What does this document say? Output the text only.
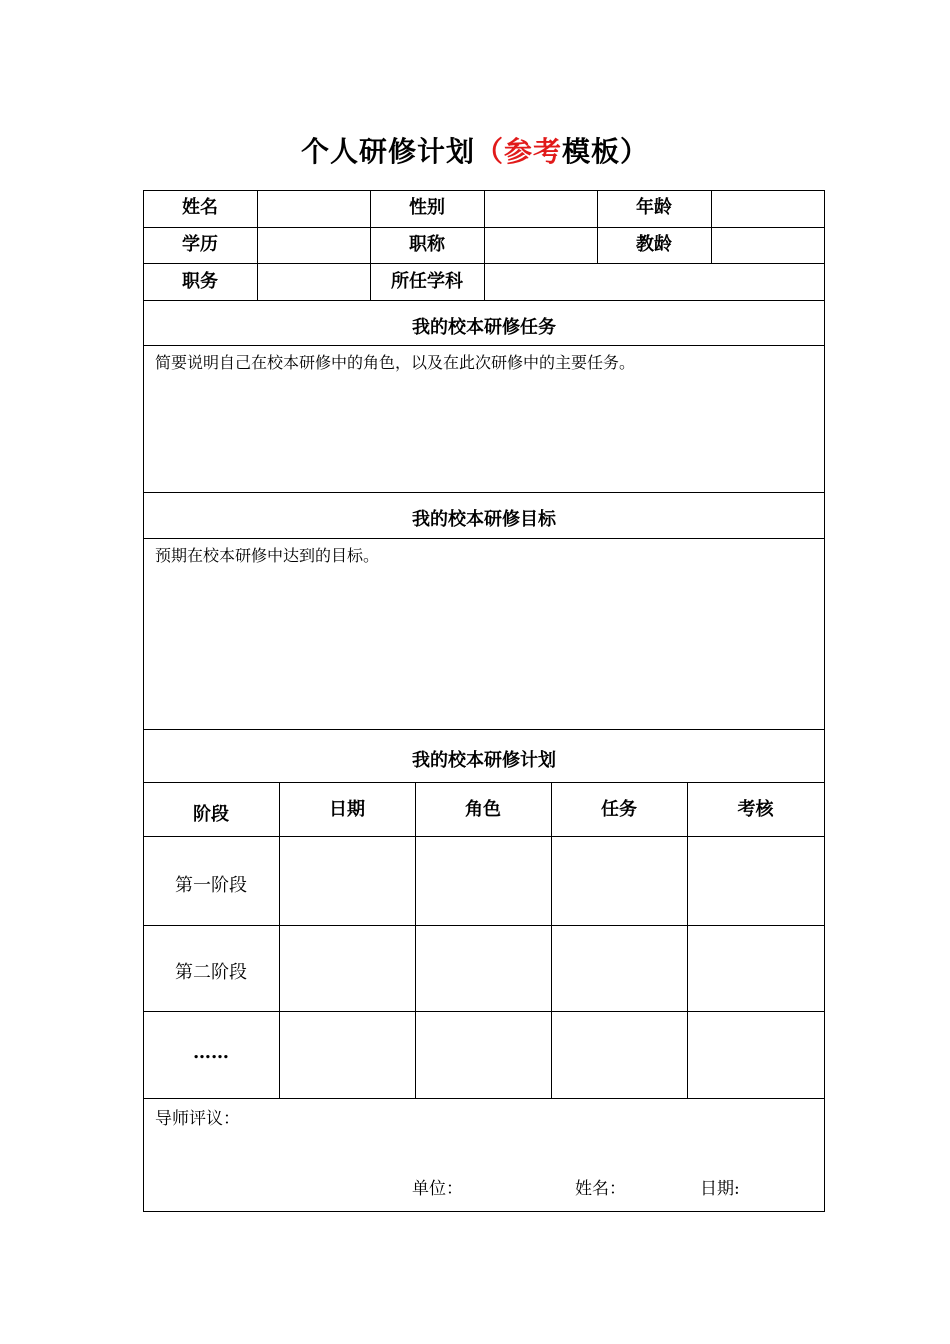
个人研修计划（参考模板）
姓名	性别	年龄
学历	职称	教龄
职务	所任学科
我的校本研修任务
简要说明自己在校本研修中的角色，以及在此次研修中的主要任务。
我的校本研修目标
预期在校本研修中达到的目标。
我的校本研修计划
阶段	日期	角色	任务	考核
第一阶段
第二阶段
……
导师评议：
单位：	姓名：	日期:
